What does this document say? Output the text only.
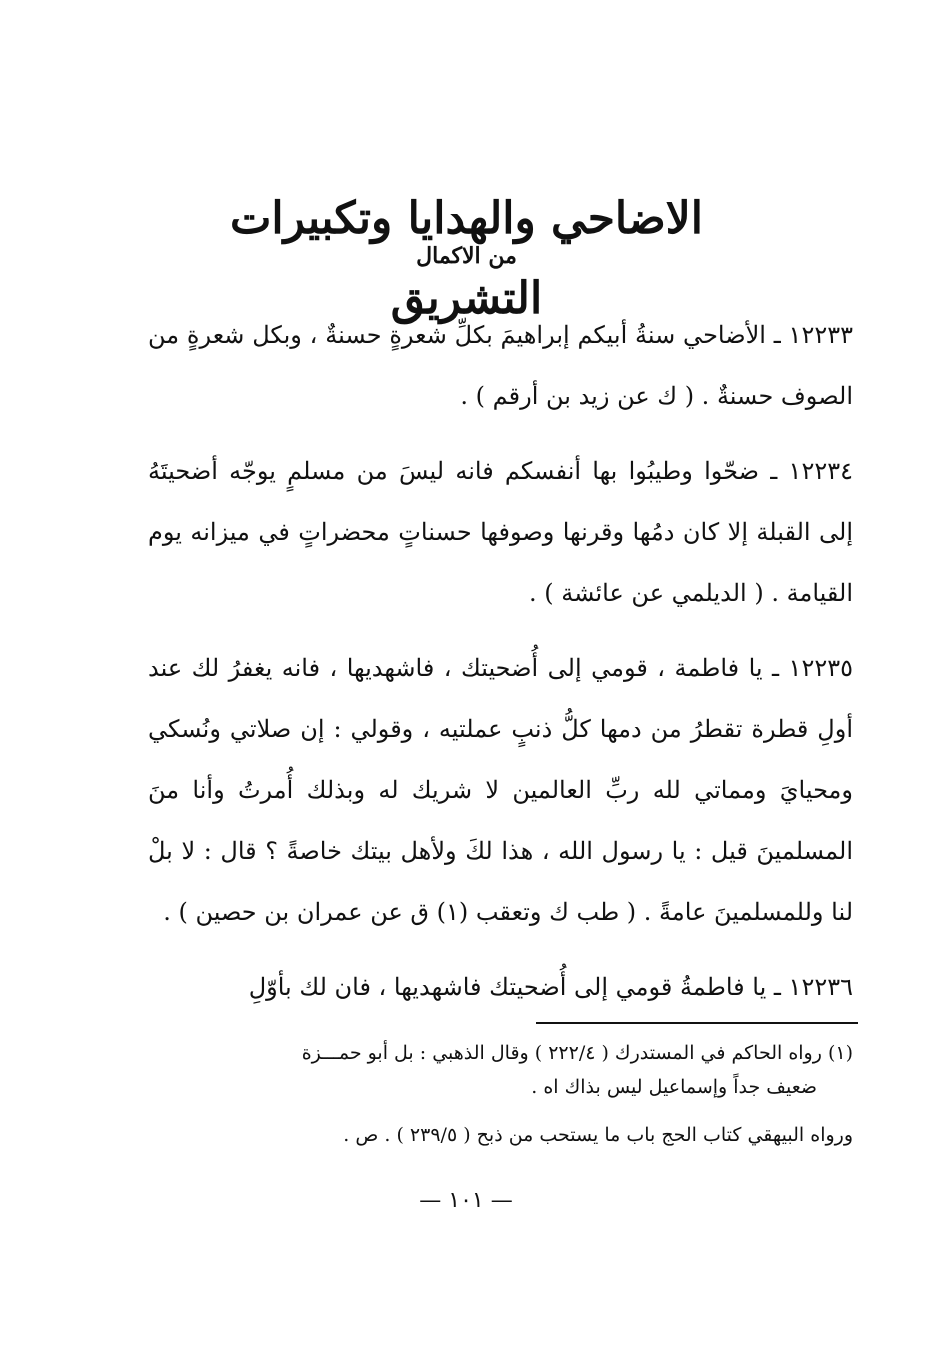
الاضاحي والهدايا وتكبيرات التشريق
من الاكمال

١٢٢٣٣ ـ الأضاحي سنةُ أبيكم إبراهيمَ بكلِّ شعرةٍ حسنةٌ ، وبكل شعرةٍ من الصوف حسنةٌ . ( ك عن زيد بن أرقم ) .

١٢٢٣٤ ـ ضحّوا وطيبُوا بها أنفسكم فانه ليسَ من مسلمٍ يوجّه أضحيتَهُ إلى القبلة إلا كان دمُها وقرنها وصوفها حسناتٍ محضراتٍ في ميزانه يوم القيامة . ( الديلمي عن عائشة ) .

١٢٢٣٥ ـ يا فاطمة ، قومي إلى أُضحيتك ، فاشهديها ، فانه يغفرُ لك عند أولِ قطرة تقطرُ من دمها كلُّ ذنبٍ عملتيه ، وقولي : إن صلاتي ونُسكي ومحيايَ ومماتي لله ربِّ العالمين لا شريك له وبذلك أُمرتُ وأنا منَ المسلمينَ قيل : يا رسول الله ، هذا لكَ ولأهل بيتك خاصةً ؟ قال : لا بلْ لنا وللمسلمينَ عامةً . ( طب ك وتعقب (١) ق عن عمران بن حصين ) .

١٢٢٣٦ ـ يا فاطمةُ قومي إلى أُضحيتك فاشهديها ، فان لك بأوّلِ

(١) رواه الحاكم في المستدرك ( ٢٢٢/٤ ) وقال الذهبي : بل أبو حمـــزة

ضعيف جداً وإسماعيل ليس بذاك اه .

ورواه البيهقي كتاب الحج باب ما يستحب من ذبح ( ٢٣٩/٥ ) . ص .

— ١٠١ —
